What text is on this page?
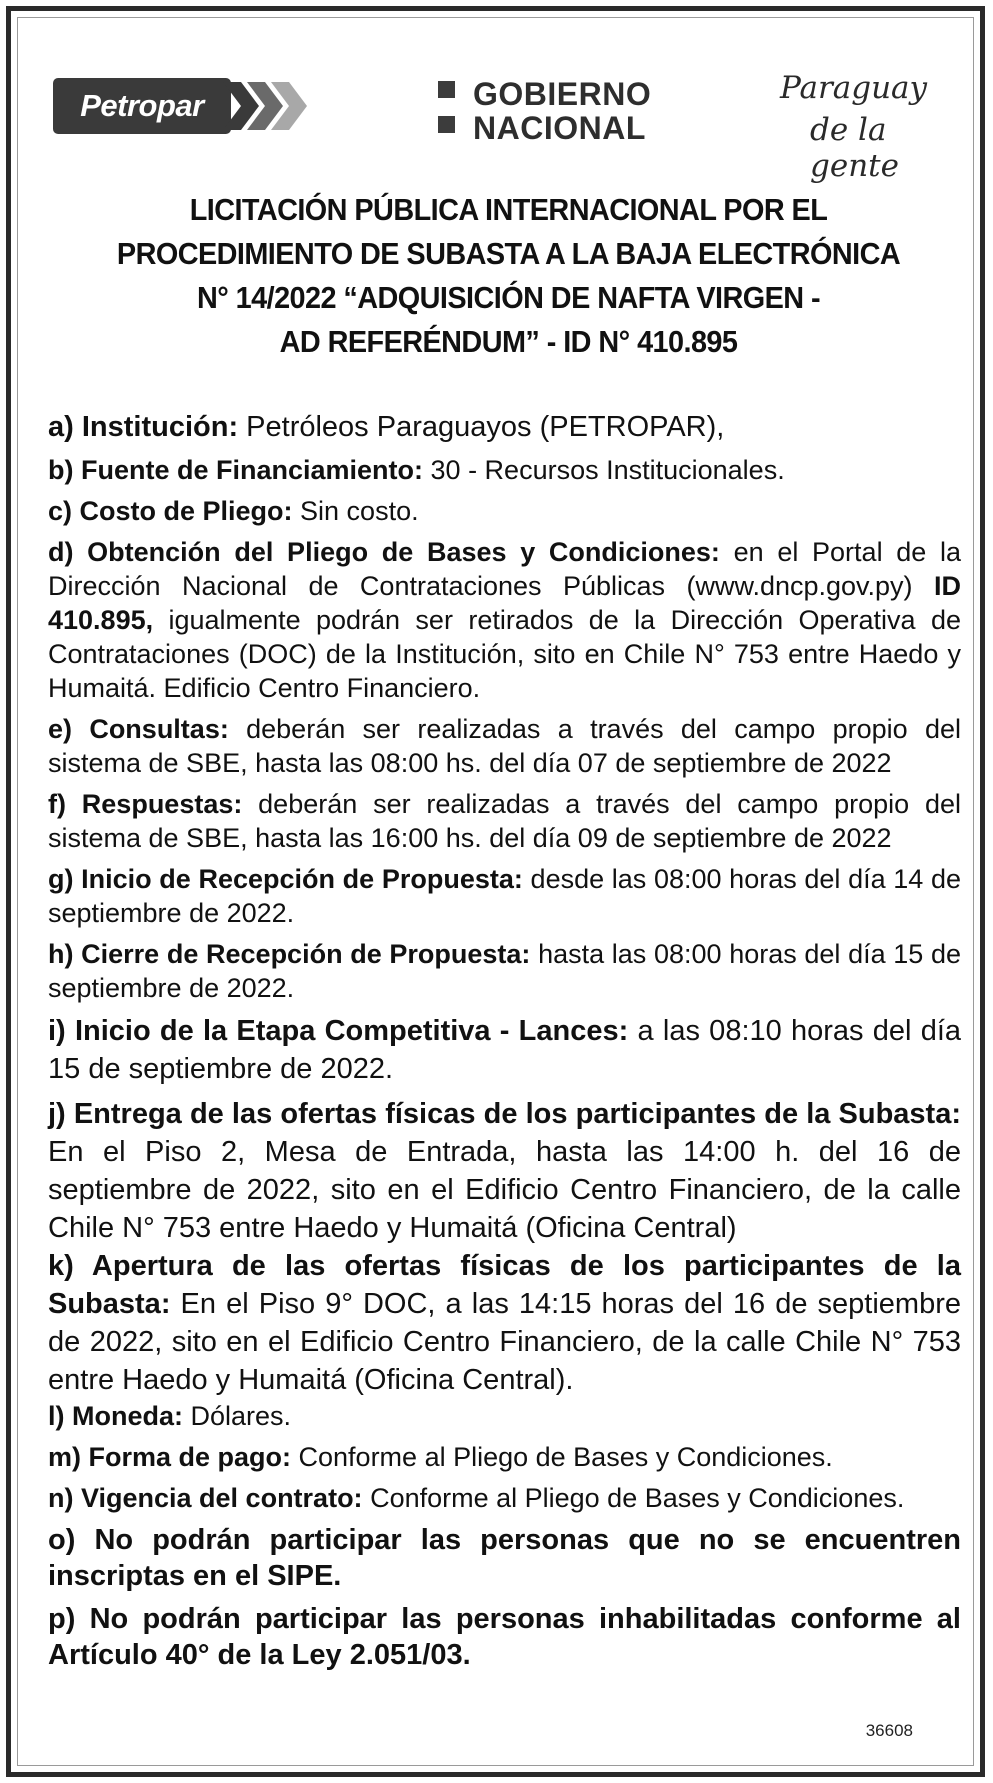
Petropar	GOBIERNO
NACIONAL
Paraguay
de la gente
LICITACIÓN PÚBLICA INTERNACIONAL POR EL
PROCEDIMIENTO DE SUBASTA A LA BAJA ELECTRÓNICA
N° 14/2022 “ADQUISICIÓN DE NAFTA VIRGEN -
AD REFERÉNDUM” - ID N° 410.895

a) Institución: Petróleos Paraguayos (PETROPAR),

b) Fuente de Financiamiento: 30 - Recursos Institucionales.

c) Costo de Pliego: Sin costo.

d) Obtención del Pliego de Bases y Condiciones: en el Portal de la Dirección Nacional de Contrataciones Públicas (www.dncp.gov.py) ID 410.895, igualmente podrán ser retirados de la Dirección Operativa de Contrataciones (DOC) de la Institución, sito en Chile N° 753 entre Haedo y Humaitá. Edificio Centro Financiero.

e) Consultas: deberán ser realizadas a través del campo propio del sistema de SBE, hasta las 08:00 hs. del día 07 de septiembre de 2022

f) Respuestas: deberán ser realizadas a través del campo propio del sistema de SBE, hasta las 16:00 hs. del día 09 de septiembre de 2022

g) Inicio de Recepción de Propuesta: desde las 08:00 horas del día 14 de septiembre de 2022.

h) Cierre de Recepción de Propuesta: hasta las 08:00 horas del día 15 de septiembre de 2022.

i) Inicio de la Etapa Competitiva - Lances: a las 08:10 horas del día 15 de septiembre de 2022.

j) Entrega de las ofertas físicas de los participantes de la Subasta: En el Piso 2, Mesa de Entrada, hasta las 14:00 h. del 16 de septiembre de 2022, sito en el Edificio Centro Financiero, de la calle Chile N° 753 entre Haedo y Humaitá (Oficina Central)

k) Apertura de las ofertas físicas de los participantes de la Subasta: En el Piso 9° DOC, a las 14:15 horas del 16 de septiembre de 2022, sito en el Edificio Centro Financiero, de la calle Chile N° 753 entre Haedo y Humaitá (Oficina Central).

l) Moneda: Dólares.

m) Forma de pago: Conforme al Pliego de Bases y Condiciones.

n) Vigencia del contrato: Conforme al Pliego de Bases y Condiciones.

o) No podrán participar las personas que no se encuentren inscriptas en el SIPE.

p) No podrán participar las personas inhabilitadas conforme al Artículo 40° de la Ley 2.051/03.

36608
